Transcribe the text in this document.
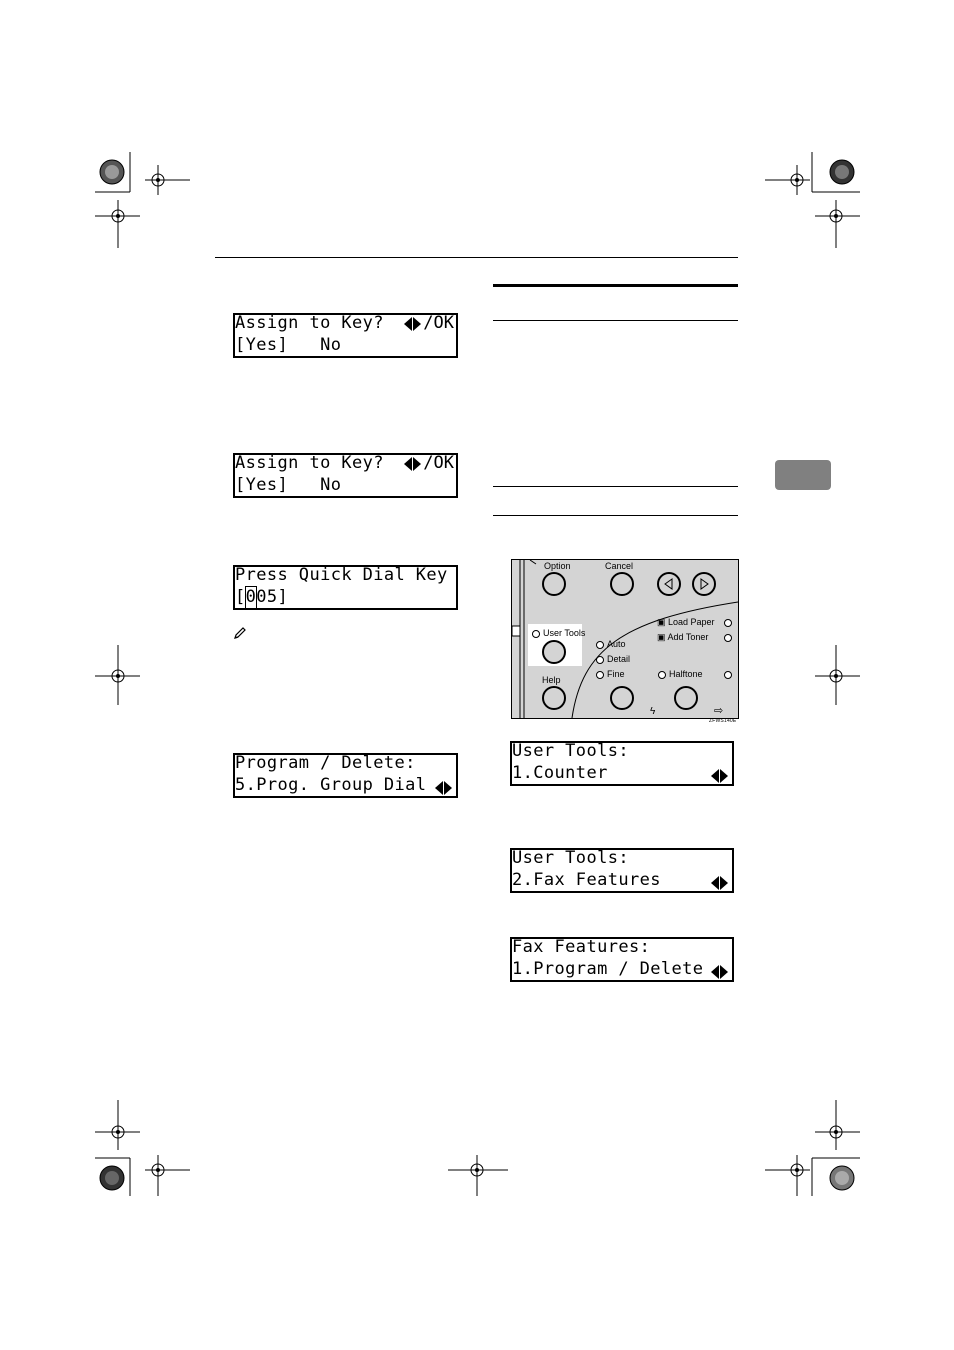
Assign to Key?	/OK
[Yes]   No
Assign to Key?	/OK
[Yes]   No
Press Quick Dial Key
[005]
Program / Delete:
5.Prog. Group Dial
Option	Cancel
▣ Load Paper
▣ Add Toner
User Tools
Auto
Detail
Fine	Halftone
Help
ϟ	⇨
ZFWS140E
User Tools:
1.Counter
User Tools:
2.Fax Features
Fax Features:
1.Program / Delete
